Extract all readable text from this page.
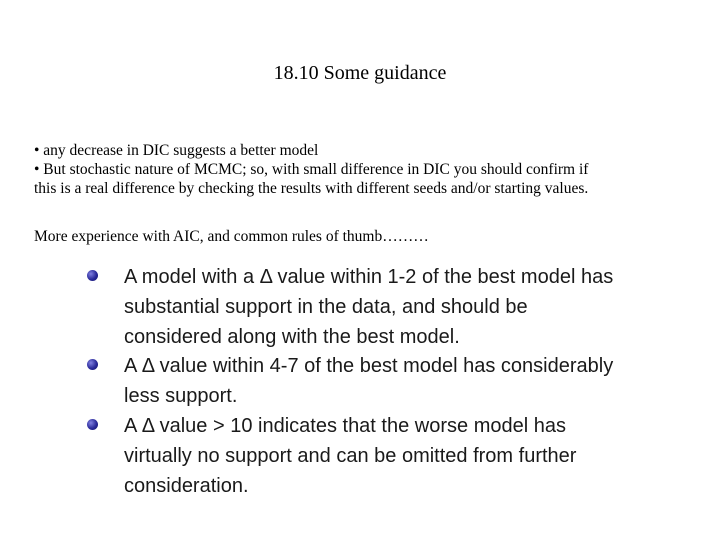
18.10 Some guidance

• any decrease in DIC suggests a better model

• But stochastic nature of MCMC; so, with small difference in DIC you should confirm if

this is a real difference by checking the results with different seeds and/or starting values.

More experience with AIC, and common rules of thumb………

A model with a Δ value within 1-2 of the best model has substantial support in the data, and should be considered along with the best model.
A Δ value within 4-7 of the best model has considerably less support.
A Δ value > 10 indicates that the worse model has virtually no support and can be omitted from further consideration.
